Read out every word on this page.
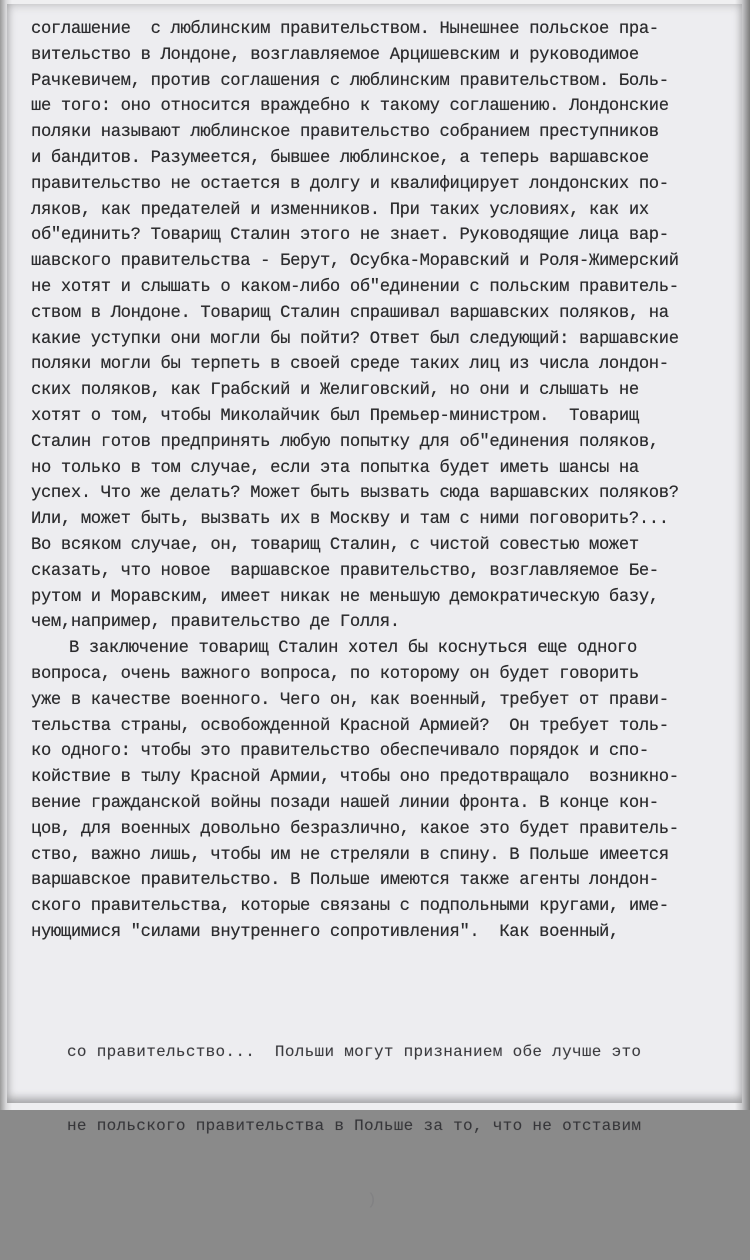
со правительство...  Польши могут признанием обе лучше это

не польского правительства в Польше за то, что не отставим

)

соглашение  с люблинским правительством. Нынешнее польское пра-
вительство в Лондоне, возглавляемое Арцишевским и руководимое
Рачкевичем, против соглашения с люблинским правительством. Боль-
ше того: оно относится враждебно к такому соглашению. Лондонские
поляки называют люблинское правительство собранием преступников
и бандитов. Разумеется, бывшее люблинское, а теперь варшавское
правительство не остается в долгу и квалифицирует лондонских по-
ляков, как предателей и изменников. При таких условиях, как их
об"единить? Товарищ Сталин этого не знает. Руководящие лица вар-
шавского правительства - Берут, Осубка-Моравский и Роля-Жимерский
не хотят и слышать о каком-либо об"единении с польским правитель-
ством в Лондоне. Товарищ Сталин спрашивал варшавских поляков, на
какие уступки они могли бы пойти? Ответ был следующий: варшавские
поляки могли бы терпеть в своей среде таких лиц из числа лондон-
ских поляков, как Грабский и Желиговский, но они и слышать не
хотят о том, чтобы Миколайчик был Премьер-министром.  Товарищ
Сталин готов предпринять любую попытку для об"единения поляков,
но только в том случае, если эта попытка будет иметь шансы на
успех. Что же делать? Может быть вызвать сюда варшавских поляков?
Или, может быть, вызвать их в Москву и там с ними поговорить?...
Во всяком случае, он, товарищ Сталин, с чистой совестью может
сказать, что новое  варшавское правительство, возглавляемое Бе-
рутом и Моравским, имеет никак не меньшую демократическую базу,
чем,например, правительство де Голля.
В заключение товарищ Сталин хотел бы коснуться еще одного
вопроса, очень важного вопроса, по которому он будет говорить
уже в качестве военного. Чего он, как военный, требует от прави-
тельства страны, освобожденной Красной Армией?  Он требует толь-
ко одного: чтобы это правительство обеспечивало порядок и спо-
койствие в тылу Красной Армии, чтобы оно предотвращало  возникно-
вение гражданской войны позади нашей линии фронта. В конце кон-
цов, для военных довольно безразлично, какое это будет правитель-
ство, важно лишь, чтобы им не стреляли в спину. В Польше имеется
варшавское правительство. В Польше имеются также агенты лондон-
ского правительства, которые связаны с подпольными кругами, име-
нующимися "силами внутреннего сопротивления".  Как военный,
